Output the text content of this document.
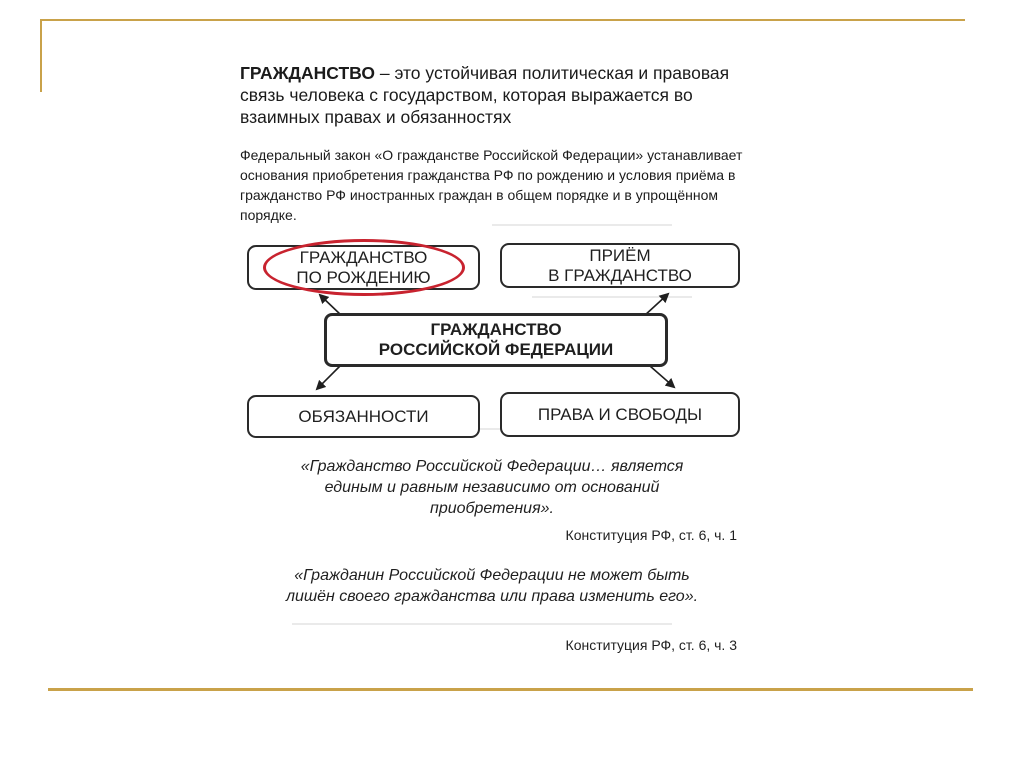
ГРАЖДАНСТВО – это устойчивая политическая и правовая связь человека с государством, которая выражается во взаимных правах и обязанностях

Федеральный закон «О гражданстве Российской Федерации» устанавливает основания приобретения гражданства РФ по рождению и условия приёма в гражданство РФ иностранных граждан в общем порядке и в упрощённом порядке.

ГРАЖДАНСТВО
ПО РОЖДЕНИЮ
ПРИЁМ
В ГРАЖДАНСТВО
ГРАЖДАНСТВО
РОССИЙСКОЙ ФЕДЕРАЦИИ
ОБЯЗАННОСТИ	ПРАВА И СВОБОДЫ

«Гражданство Российской Федерации… является единым и равным независимо от оснований приобретения».

Конституция РФ, ст. 6, ч. 1

«Гражданин Российской Федерации не может быть лишён своего гражданства или права изменить его».

Конституция РФ, ст. 6, ч. 3
